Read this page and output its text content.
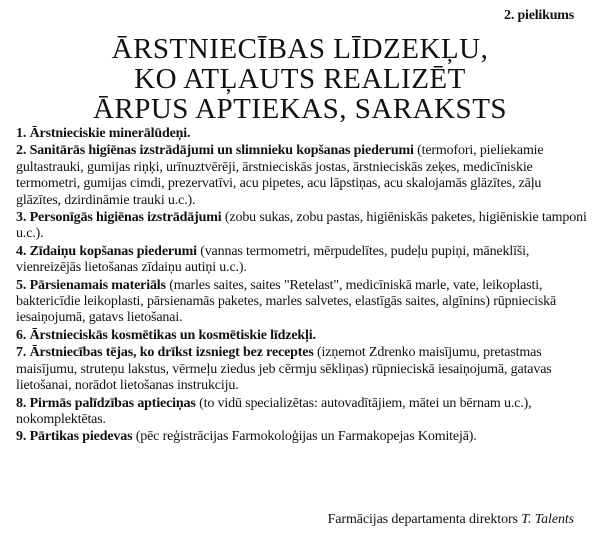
2. pielikums
ĀRSTNIECĪBAS LĪDZEKĻU,
KO ATĻAUTS REALIZĒT
ĀRPUS APTIEKAS, SARAKSTS

1. Ārstnieciskie minerālūdeņi.

2. Sanitārās higiēnas izstrādājumi un slimnieku kopšanas piederumi (termofori, pieliekamie gultastrauki, gumijas riņķi, urīnuztvērēji, ārstnieciskās jostas, ārstnieciskās zeķes, medicīniskie termometri, gumijas cimdi, prezervatīvi, acu pipetes, acu lāpstiņas, acu skalojamās glāzītes, zāļu glāzītes, dzirdināmie trauki u.c.).

3. Personīgās higiēnas izstrādājumi (zobu sukas, zobu pastas, higiēniskās paketes, higiēniskie tamponi u.c.).

4. Zīdaiņu kopšanas piederumi (vannas termometri, mērpudelītes, pudeļu pupiņi, māneklīši, vienreizējās lietošanas zīdaiņu autiņi u.c.).

5. Pārsienamais materiāls (marles saites, saites "Retelast", medicīniskā marle, vate, leikoplasti, baktericīdie leikoplasti, pārsienamās paketes, marles salvetes, elastīgās saites, algīnins) rūpnieciskā iesaiņojumā, gatavs lietošanai.

6. Ārstnieciskās kosmētikas un kosmētiskie līdzekļi.

7. Ārstniecības tējas, ko drīkst izsniegt bez receptes (izņemot Zdrenko maisījumu, pretastmas maisījumu, struteņu lakstus, vērmeļu ziedus jeb cērmju sēkliņas) rūpnieciskā iesaiņojumā, gatavas lietošanai, norādot lietošanas instrukciju.

8. Pirmās palīdzības aptieciņas (to vidū specializētas: autovadītājiem, mātei un bērnam u.c.), nokomplektētas.

9. Pārtikas piedevas (pēc reģistrācijas Farmokoloģijas un Farmakopejas Komitejā).

Farmācijas departamenta direktors T. Talents
